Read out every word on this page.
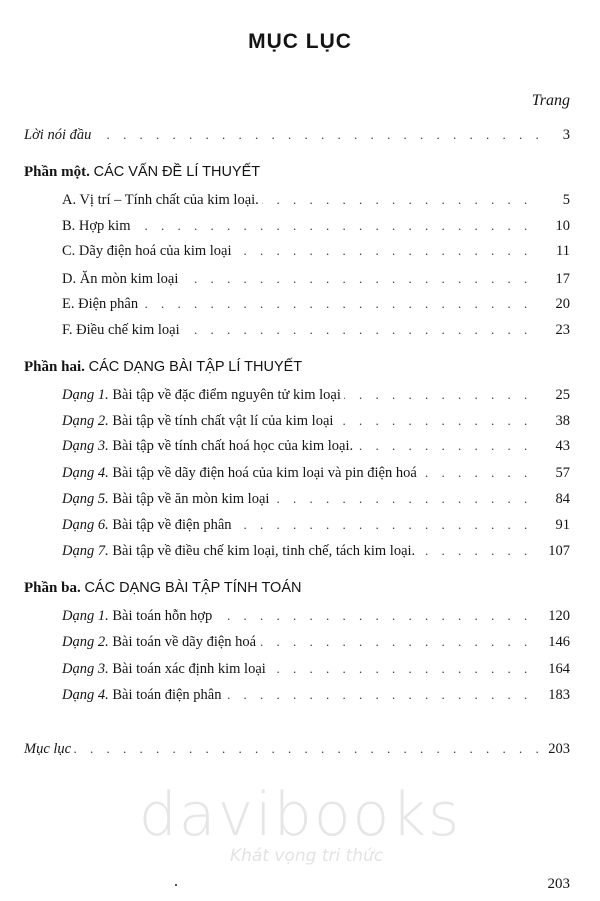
MỤC LỤC
Trang
. . .
Lời nói đầu	3
Phần một. CÁC VẤN ĐỀ LÍ THUYẾT
. . .
A. Vị trí – Tính chất của kim loại.	5
. . .
B. Hợp kim	10
. . .
C. Dãy điện hoá của kim loại	11
. . .
D. Ăn mòn kim loại	17
. . .
E. Điện phân	20
. . .
F. Điều chế kim loại	23
Phần hai. CÁC DẠNG BÀI TẬP LÍ THUYẾT
. . .
Dạng 1. Bài tập về đặc điểm nguyên tử kim loại	25
. . .
Dạng 2. Bài tập về tính chất vật lí của kim loại	38
. . .
Dạng 3. Bài tập về tính chất hoá học của kim loại.	43
. . .
Dạng 4. Bài tập về dãy điện hoá của kim loại và pin điện hoá	57
. . .
Dạng 5. Bài tập về ăn mòn kim loại	84
. . .
Dạng 6. Bài tập về điện phân	91
. . .
Dạng 7. Bài tập về điều chế kim loại, tinh chế, tách kim loại.	107
Phần ba. CÁC DẠNG BÀI TẬP TÍNH TOÁN
. . .
Dạng 1. Bài toán hỗn hợp	120
. . .
Dạng 2. Bài toán về dãy điện hoá	146
. . .
Dạng 3. Bài toán xác định kim loại	164
. . .
Dạng 4. Bài toán điện phân	183
. . .
Mục lục	203
davibooks
Khát vọng tri thức
203
